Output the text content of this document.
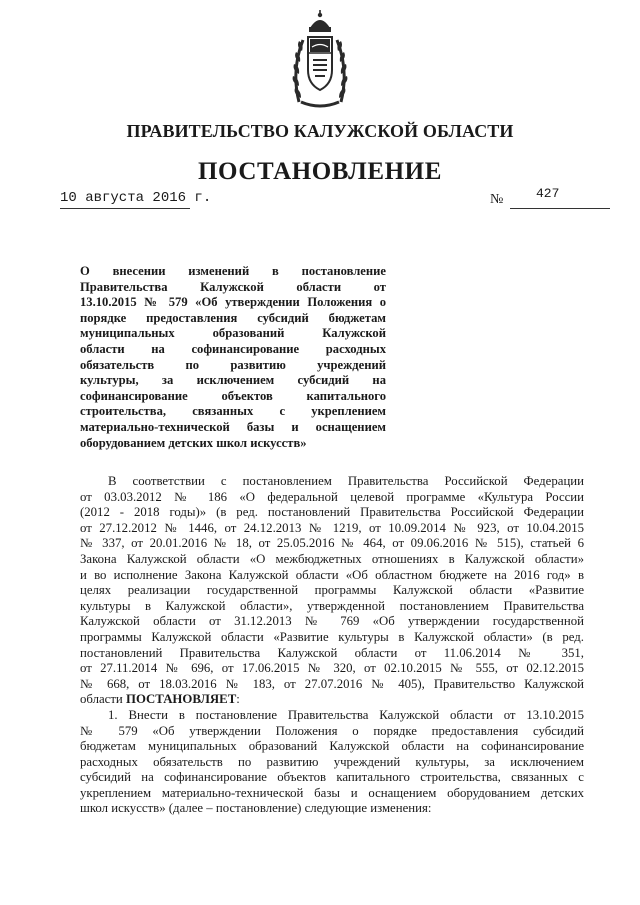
ПРАВИТЕЛЬСТВО КАЛУЖСКОЙ ОБЛАСТИ
ПОСТАНОВЛЕНИЕ
10 августа 2016 г.	№	427
О внесении изменений в постановление
Правительства Калужской области от
13.10.2015 № 579 «Об утверждении Положения о
порядке предоставления субсидий бюджетам
муниципальных образований Калужской
области на софинансирование расходных
обязательств по развитию учреждений
культуры, за исключением субсидий на
софинансирование объектов капитального
строительства, связанных с укреплением
материально-технической базы и оснащением
оборудованием детских школ искусств»

В соответствии с постановлением Правительства Российской Федерации
от 03.03.2012 № 186 «О федеральной целевой программе «Культура России
(2012 - 2018 годы)» (в ред. постановлений Правительства Российской Федерации
от 27.12.2012 № 1446, от 24.12.2013 № 1219, от 10.09.2014 № 923, от 10.04.2015
№ 337, от 20.01.2016 № 18, от 25.05.2016 № 464, от 09.06.2016 № 515), статьей 6
Закона Калужской области «О межбюджетных отношениях в Калужской области»
и во исполнение Закона Калужской области «Об областном бюджете на 2016 год» в
целях реализации государственной программы Калужской области «Развитие
культуры в Калужской области», утвержденной постановлением Правительства
Калужской области от 31.12.2013 № 769 «Об утверждении государственной
программы Калужской области «Развитие культуры в Калужской области» (в ред.
постановлений Правительства Калужской области от 11.06.2014 № 351,
от 27.11.2014 № 696, от 17.06.2015 № 320, от 02.10.2015 № 555, от 02.12.2015
№ 668, от 18.03.2016 № 183, от 27.07.2016 № 405), Правительство Калужской
области ПОСТАНОВЛЯЕТ:

1. Внести в постановление Правительства Калужской области от 13.10.2015
№ 579 «Об утверждении Положения о порядке предоставления субсидий
бюджетам муниципальных образований Калужской области на софинансирование
расходных обязательств по развитию учреждений культуры, за исключением
субсидий на софинансирование объектов капитального строительства, связанных с
укреплением материально-технической базы и оснащением оборудованием детских
школ искусств» (далее – постановление) следующие изменения:
